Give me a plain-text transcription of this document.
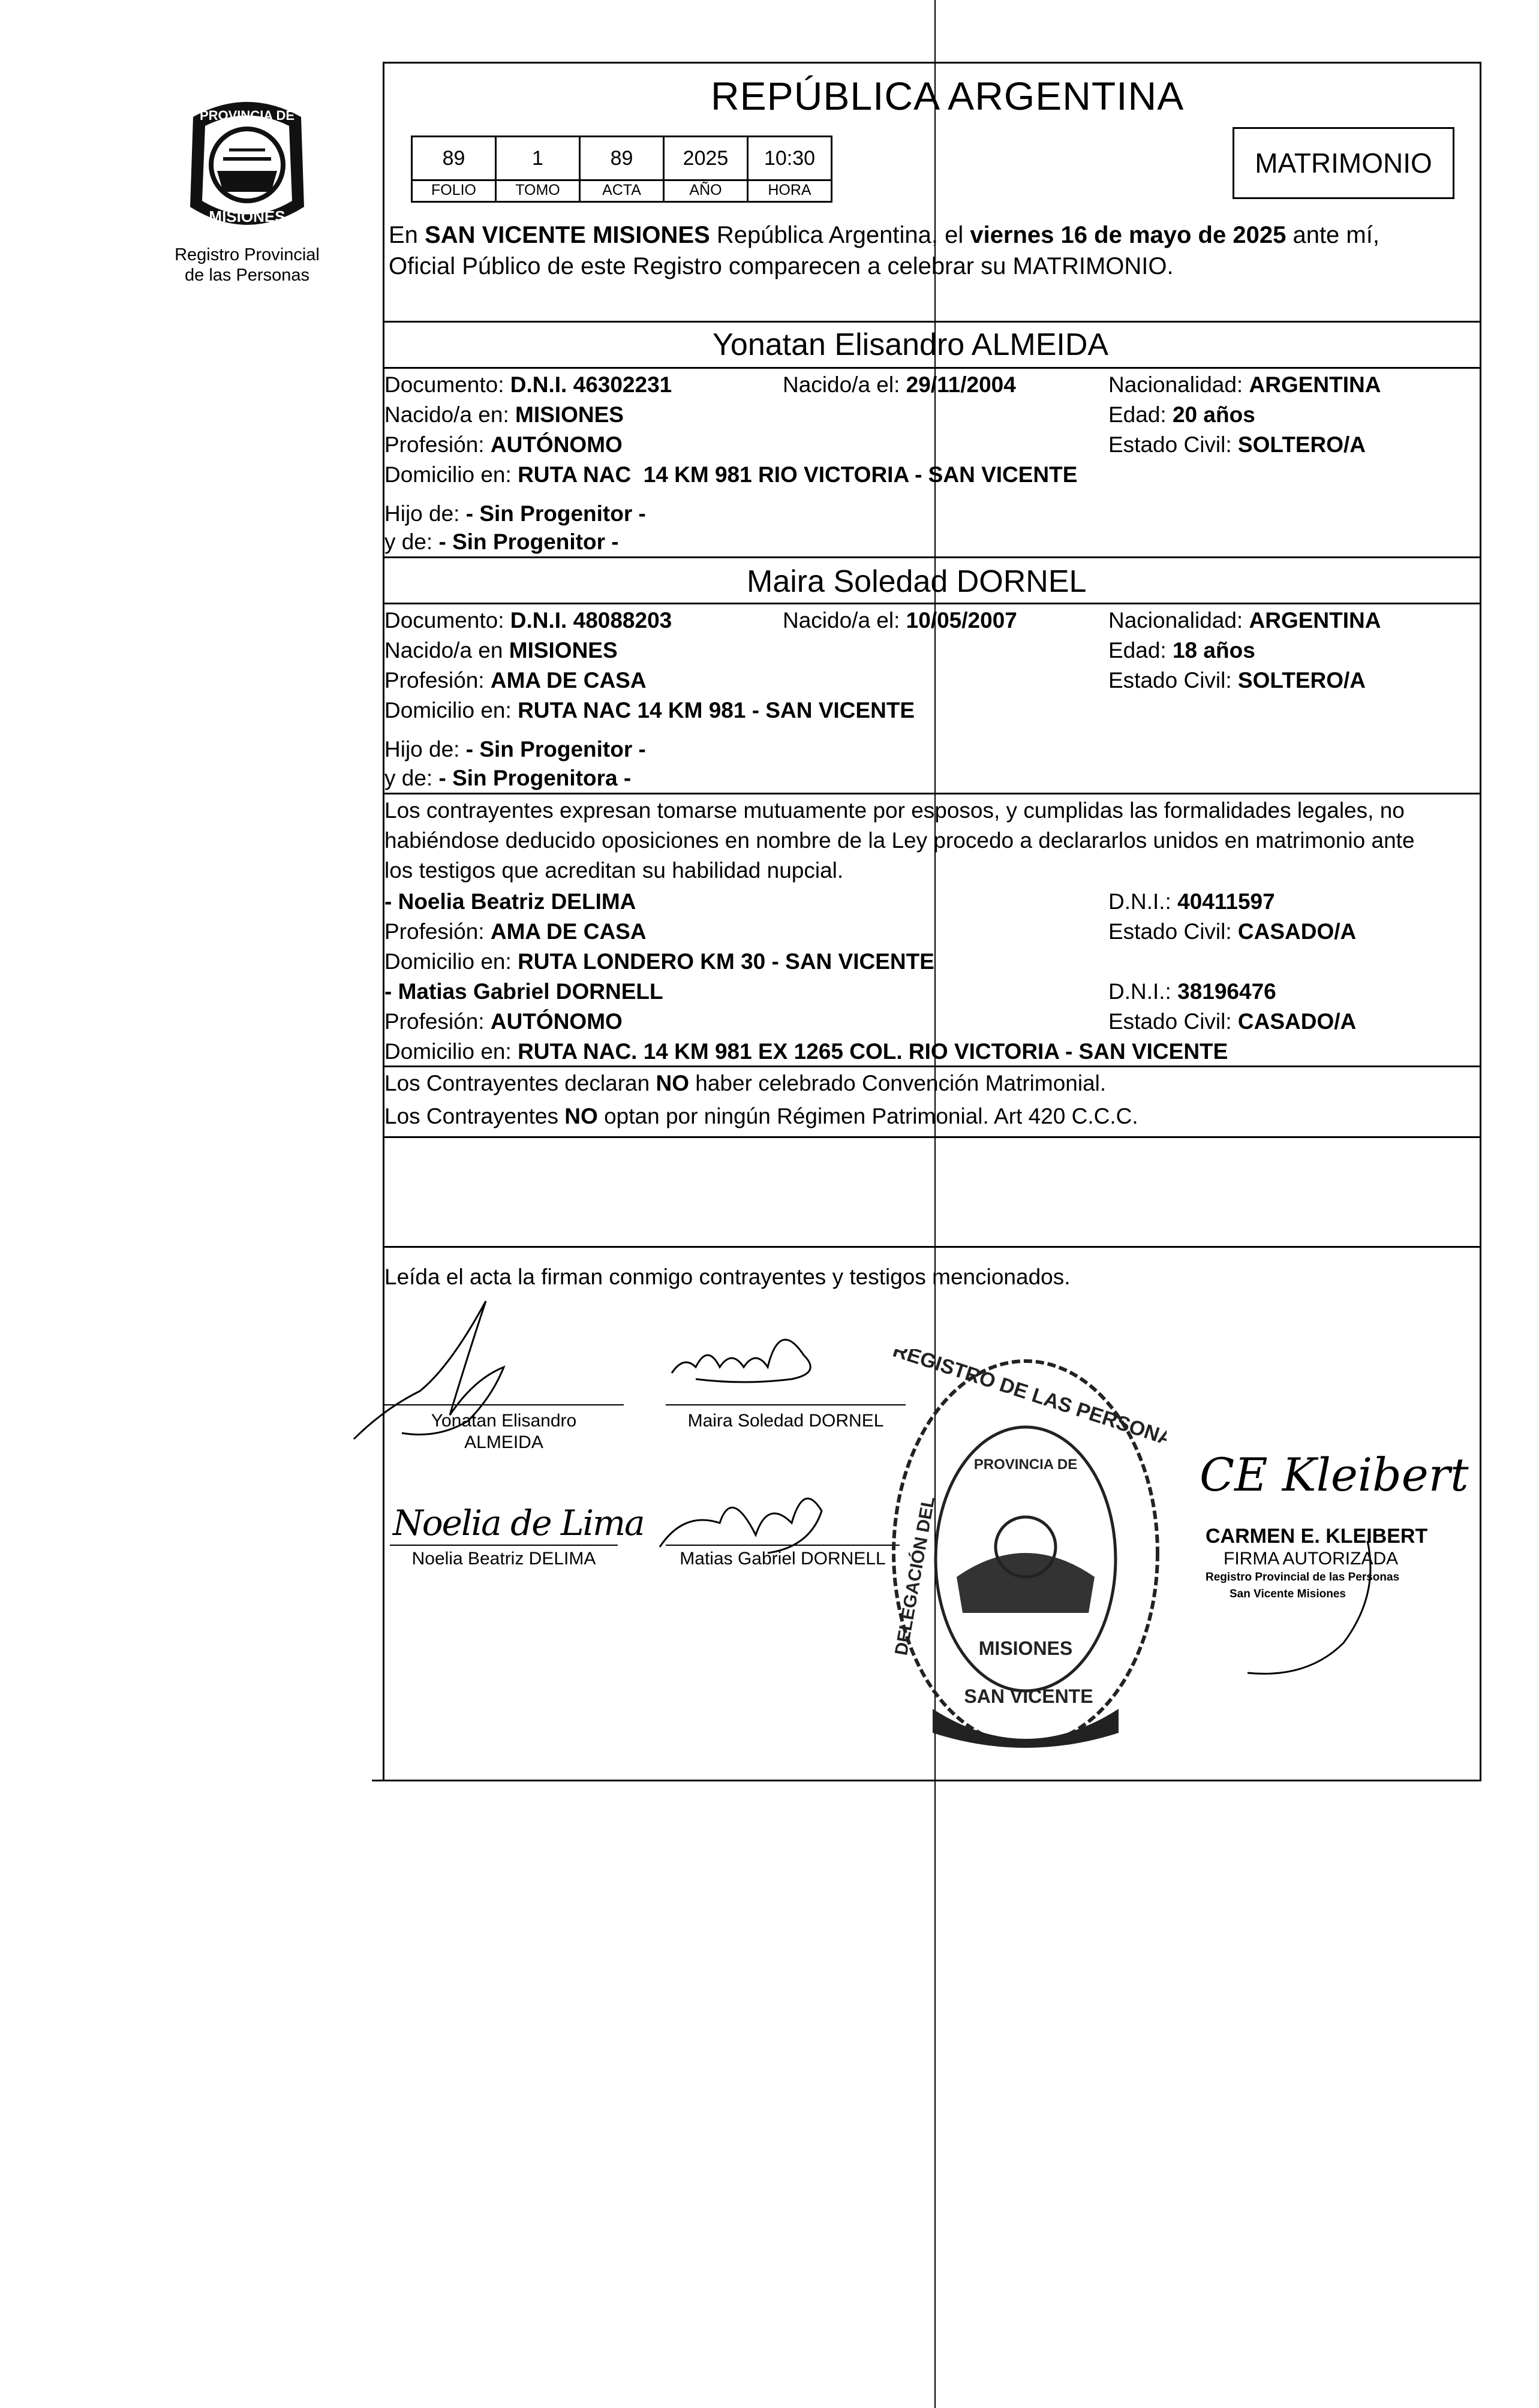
PROVINCIA DE
MISIONES
Registro Provincial
de las Personas
REPÚBLICA ARGENTINA
89	1	89	2025	10:30
FOLIO	TOMO	ACTA	AÑO	HORA
MATRIMONIO
En SAN VICENTE MISIONES República Argentina, el viernes 16 de mayo de 2025 ante mí,
Oficial Público de este Registro comparecen a celebrar su MATRIMONIO.
Yonatan Elisandro ALMEIDA
Documento: D.N.I. 46302231	Nacido/a el: 29/11/2004	Nacionalidad: ARGENTINA
Nacido/a en: MISIONES	Edad: 20 años
Profesión: AUTÓNOMO	Estado Civil: SOLTERO/A
Domicilio en: RUTA NAC  14 KM 981 RIO VICTORIA - SAN VICENTE
Hijo de: - Sin Progenitor -
y de: - Sin Progenitor -
Maira Soledad DORNEL
Documento: D.N.I. 48088203	Nacido/a el: 10/05/2007	Nacionalidad: ARGENTINA
Nacido/a en MISIONES	Edad: 18 años
Profesión: AMA DE CASA	Estado Civil: SOLTERO/A
Domicilio en: RUTA NAC 14 KM 981 - SAN VICENTE
Hijo de: - Sin Progenitor -
y de: - Sin Progenitora -
Los contrayentes expresan tomarse mutuamente por esposos, y cumplidas las formalidades legales, no
habiéndose deducido oposiciones en nombre de la Ley procedo a declararlos unidos en matrimonio ante
los testigos que acreditan su habilidad nupcial.
- Noelia Beatriz DELIMA	D.N.I.: 40411597
Profesión: AMA DE CASA	Estado Civil: CASADO/A
Domicilio en: RUTA LONDERO KM 30 - SAN VICENTE
- Matias Gabriel DORNELL	D.N.I.: 38196476
Profesión: AUTÓNOMO	Estado Civil: CASADO/A
Domicilio en: RUTA NAC. 14 KM 981 EX 1265 COL. RIO VICTORIA - SAN VICENTE
Los Contrayentes declaran NO haber celebrado Convención Matrimonial.
Los Contrayentes NO optan por ningún Régimen Patrimonial. Art 420 C.C.C.
Leída el acta la firman conmigo contrayentes y testigos mencionados.
Noelia de Lima
Yonatan Elisandro
ALMEIDA
Maira Soledad DORNEL
Noelia Beatriz DELIMA	Matias Gabriel DORNELL
REGISTRO DE LAS PERSONAS
DELEGACIÓN DEL
PROVINCIA DE
MISIONES
SAN VICENTE
CE Kleibert
CARMEN E. KLEIBERT
FIRMA AUTORIZADA
Registro Provincial de las Personas
San Vicente Misiones
